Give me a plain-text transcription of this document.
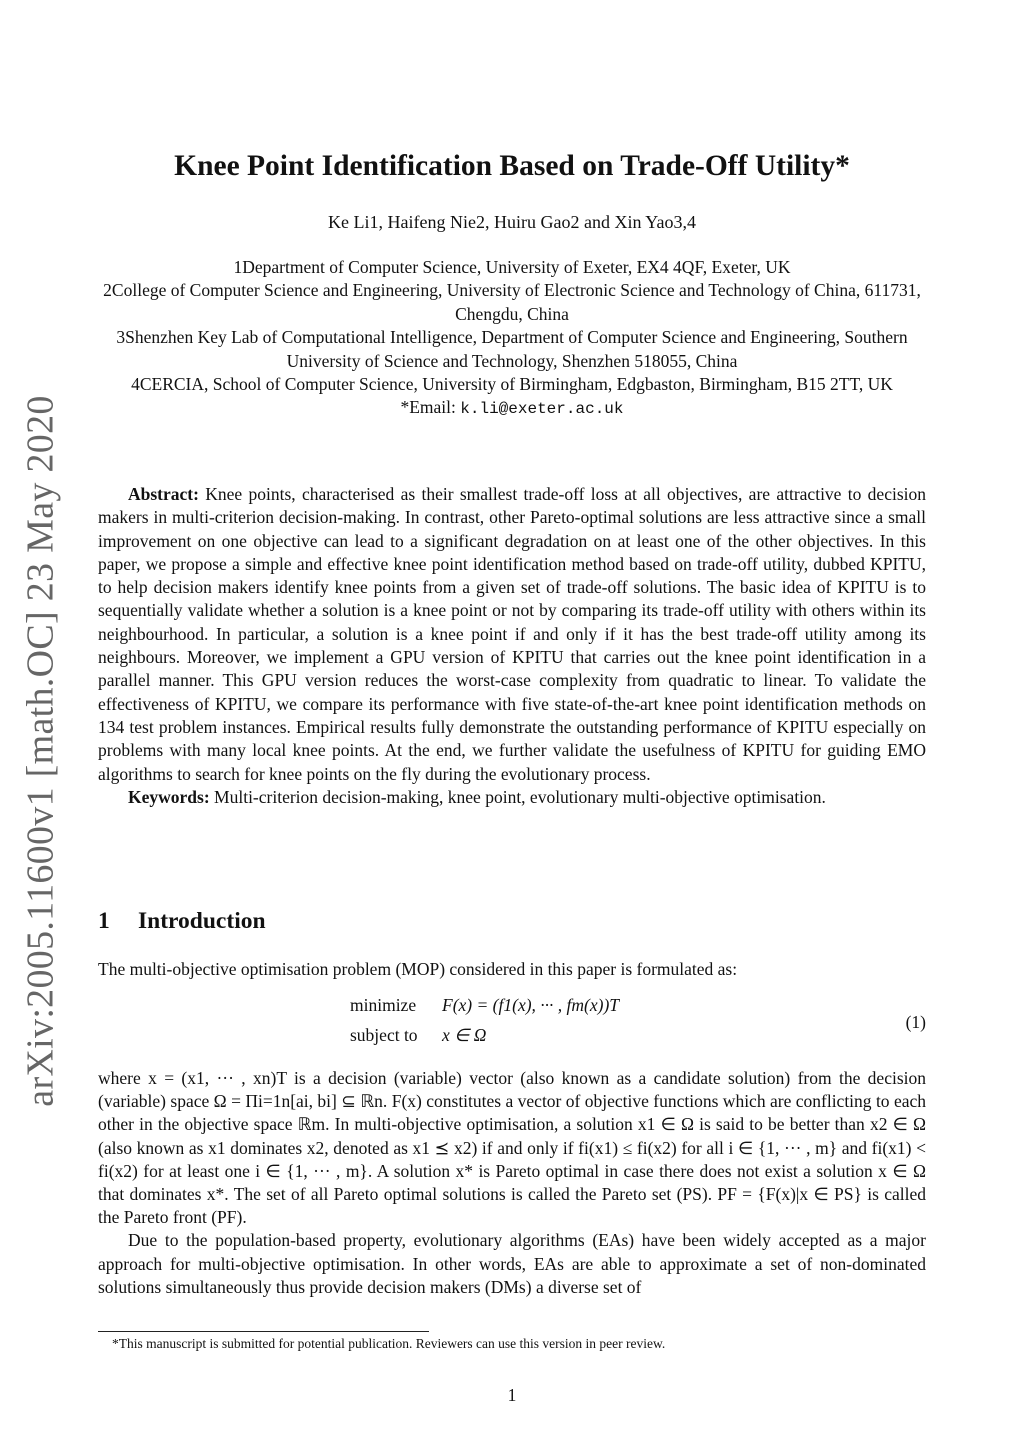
arXiv:2005.11600v1 [math.OC] 23 May 2020
Knee Point Identification Based on Trade-Off Utility*
Ke Li1, Haifeng Nie2, Huiru Gao2 and Xin Yao3,4

1Department of Computer Science, University of Exeter, EX4 4QF, Exeter, UK

2College of Computer Science and Engineering, University of Electronic Science and Technology of China, 611731, Chengdu, China

3Shenzhen Key Lab of Computational Intelligence, Department of Computer Science and Engineering, Southern University of Science and Technology, Shenzhen 518055, China

4CERCIA, School of Computer Science, University of Birmingham, Edgbaston, Birmingham, B15 2TT, UK

*Email: k.li@exeter.ac.uk

Abstract: Knee points, characterised as their smallest trade-off loss at all objectives, are attractive to decision makers in multi-criterion decision-making. In contrast, other Pareto-optimal solutions are less attractive since a small improvement on one objective can lead to a significant degradation on at least one of the other objectives. In this paper, we propose a simple and effective knee point identification method based on trade-off utility, dubbed KPITU, to help decision makers identify knee points from a given set of trade-off solutions. The basic idea of KPITU is to sequentially validate whether a solution is a knee point or not by comparing its trade-off utility with others within its neighbourhood. In particular, a solution is a knee point if and only if it has the best trade-off utility among its neighbours. Moreover, we implement a GPU version of KPITU that carries out the knee point identification in a parallel manner. This GPU version reduces the worst-case complexity from quadratic to linear. To validate the effectiveness of KPITU, we compare its performance with five state-of-the-art knee point identification methods on 134 test problem instances. Empirical results fully demonstrate the outstanding performance of KPITU especially on problems with many local knee points. At the end, we further validate the usefulness of KPITU for guiding EMO algorithms to search for knee points on the fly during the evolutionary process.

Keywords: Multi-criterion decision-making, knee point, evolutionary multi-objective optimisation.

1 Introduction

The multi-objective optimisation problem (MOP) considered in this paper is formulated as:

minimize F(x) = (f1(x), ··· , fm(x))T
subject to x ∈ Ω
(1)

where x = (x1, ··· , xn)T is a decision (variable) vector (also known as a candidate solution) from the decision (variable) space Ω = Πi=1n[ai, bi] ⊆ ℝn. F(x) constitutes a vector of objective functions which are conflicting to each other in the objective space ℝm. In multi-objective optimisation, a solution x1 ∈ Ω is said to be better than x2 ∈ Ω (also known as x1 dominates x2, denoted as x1 ⪯ x2) if and only if fi(x1) ≤ fi(x2) for all i ∈ {1, ··· , m} and fi(x1) < fi(x2) for at least one i ∈ {1, ··· , m}. A solution x* is Pareto optimal in case there does not exist a solution x ∈ Ω that dominates x*. The set of all Pareto optimal solutions is called the Pareto set (PS). PF = {F(x)|x ∈ PS} is called the Pareto front (PF).

Due to the population-based property, evolutionary algorithms (EAs) have been widely accepted as a major approach for multi-objective optimisation. In other words, EAs are able to approximate a set of non-dominated solutions simultaneously thus provide decision makers (DMs) a diverse set of

*This manuscript is submitted for potential publication. Reviewers can use this version in peer review.
1
